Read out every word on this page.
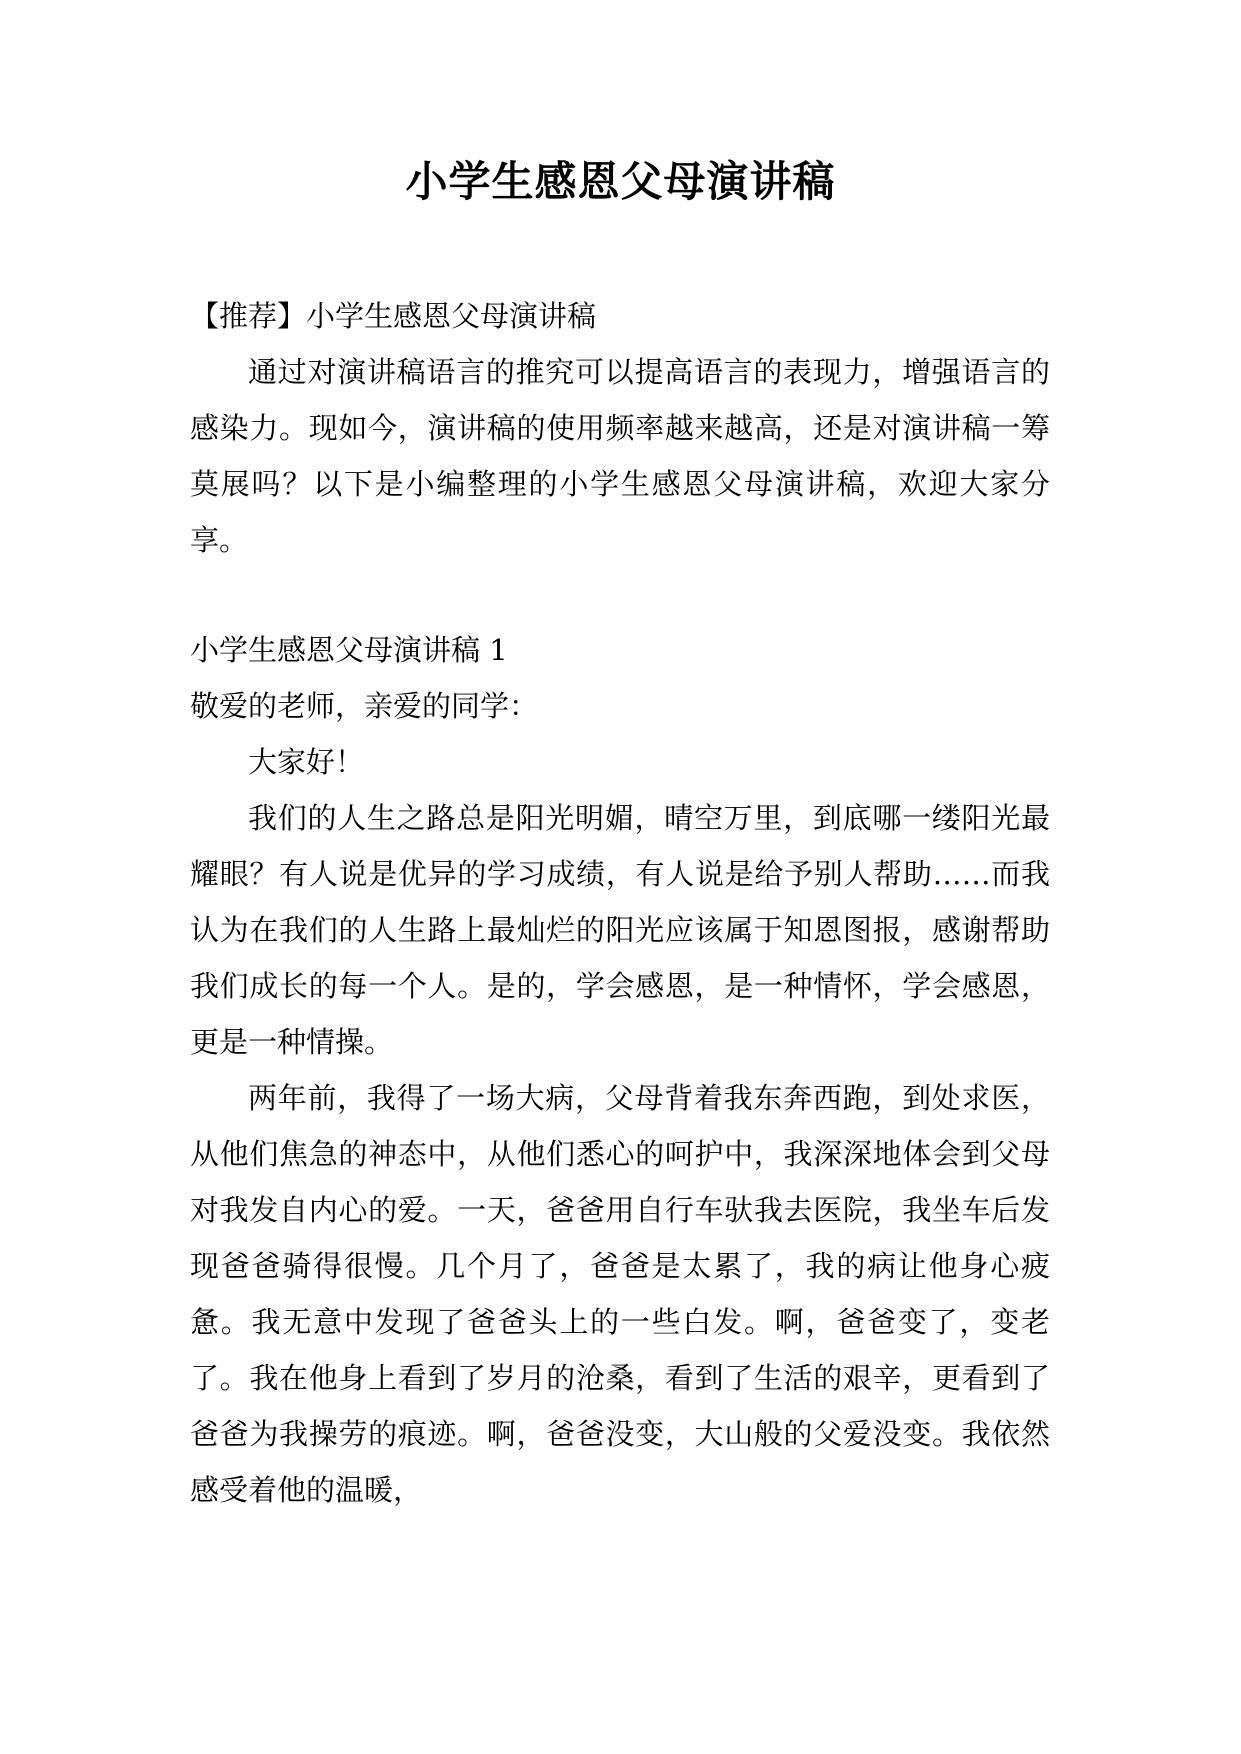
小学生感恩父母演讲稿

【推荐】小学生感恩父母演讲稿

通过对演讲稿语言的推究可以提高语言的表现力，增强语言的感染力。现如今，演讲稿的使用频率越来越高，还是对演讲稿一筹莫展吗？以下是小编整理的小学生感恩父母演讲稿，欢迎大家分享。

小学生感恩父母演讲稿 1

敬爱的老师，亲爱的同学：

大家好！

我们的人生之路总是阳光明媚，晴空万里，到底哪一缕阳光最耀眼？有人说是优异的学习成绩，有人说是给予别人帮助……而我认为在我们的人生路上最灿烂的阳光应该属于知恩图报，感谢帮助我们成长的每一个人。是的，学会感恩，是一种情怀，学会感恩，更是一种情操。

两年前，我得了一场大病，父母背着我东奔西跑，到处求医，从他们焦急的神态中，从他们悉心的呵护中，我深深地体会到父母对我发自内心的爱。一天，爸爸用自行车驮我去医院，我坐车后发现爸爸骑得很慢。几个月了，爸爸是太累了，我的病让他身心疲惫。我无意中发现了爸爸头上的一些白发。啊，爸爸变了，变老了。我在他身上看到了岁月的沧桑，看到了生活的艰辛，更看到了爸爸为我操劳的痕迹。啊，爸爸没变，大山般的父爱没变。我依然感受着他的温暖，
